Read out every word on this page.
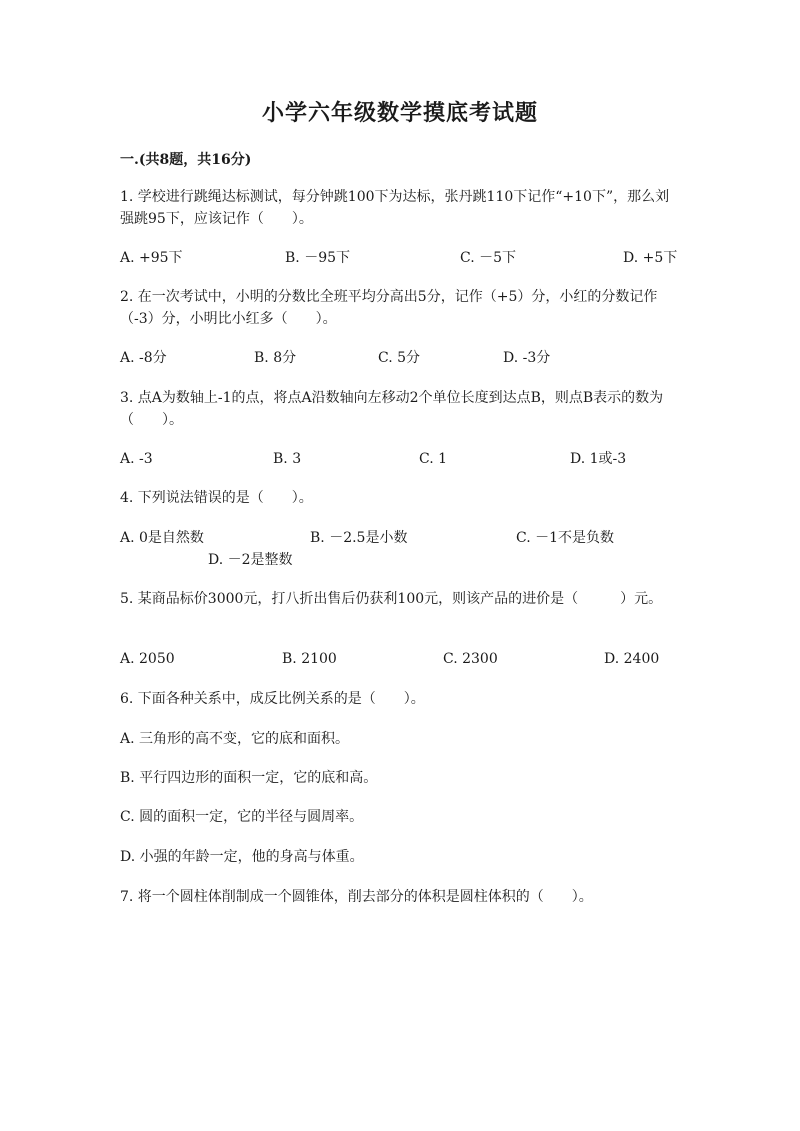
小学六年级数学摸底考试题
一.(共8题，共16分)
1. 学校进行跳绳达标测试，每分钟跳100下为达标，张丹跳110下记作“+10下”，那么刘强跳95下，应该记作（　　）。
A. +95下	B. －95下	C. －5下	D. +5下
2. 在一次考试中，小明的分数比全班平均分高出5分，记作（+5）分，小红的分数记作（-3）分，小明比小红多（　　）。
A. -8分	B. 8分	C. 5分	D. -3分
3. 点A为数轴上-1的点，将点A沿数轴向左移动2个单位长度到达点B，则点B表示的数为（　　）。
A. -3	B. 3	C. 1	D. 1或-3
4. 下列说法错误的是（　　）。
A. 0是自然数	B. －2.5是小数	C. －1不是负数
D. －2是整数
5. 某商品标价3000元，打八折出售后仍获利100元，则该产品的进价是（　　　）元。
A. 2050	B. 2100	C. 2300	D. 2400
6. 下面各种关系中，成反比例关系的是（　　）。
A. 三角形的高不变，它的底和面积。
B. 平行四边形的面积一定，它的底和高。
C. 圆的面积一定，它的半径与圆周率。
D. 小强的年龄一定，他的身高与体重。
7. 将一个圆柱体削制成一个圆锥体，削去部分的体积是圆柱体积的（　　）。
